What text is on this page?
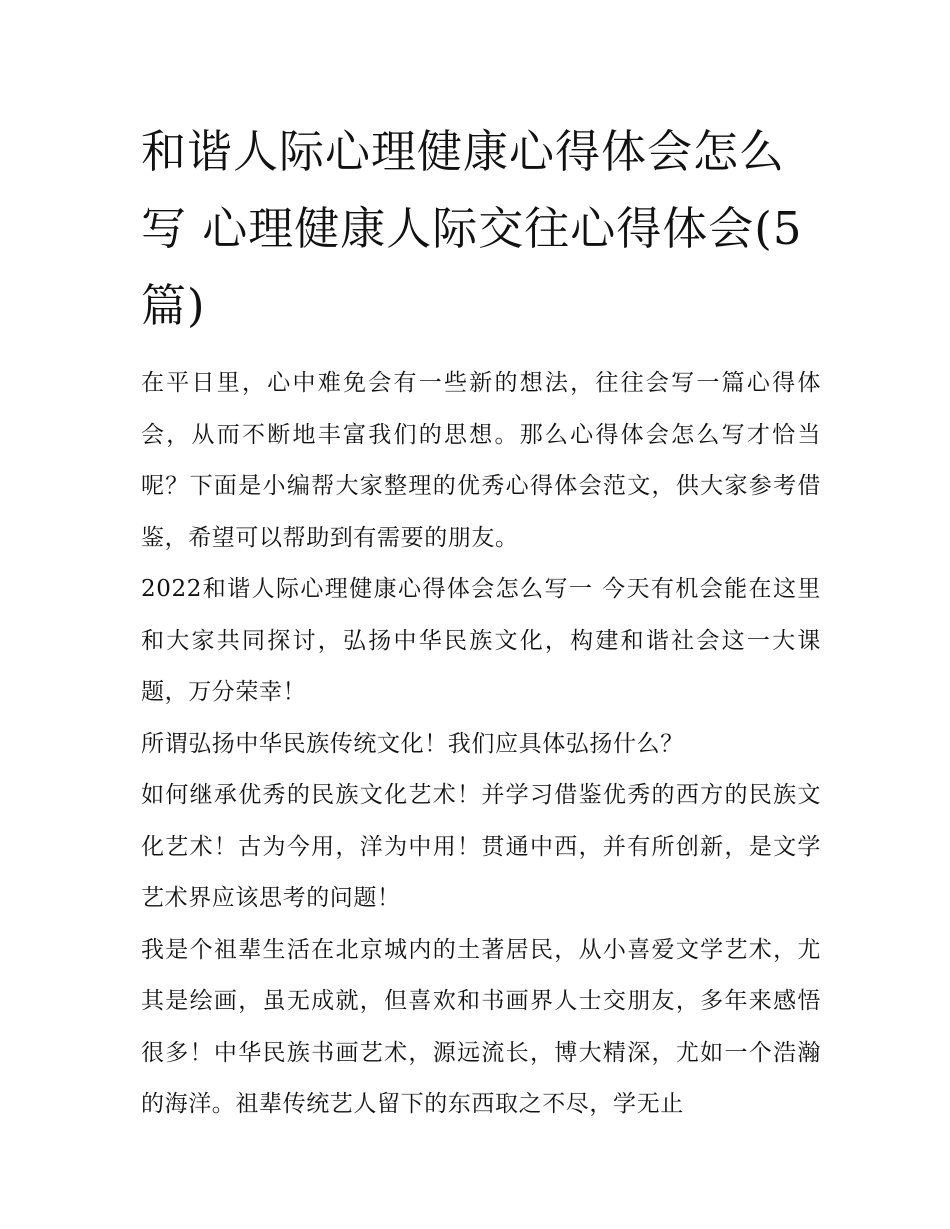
和谐人际心理健康心得体会怎么写 心理健康人际交往心得体会(5篇)

在平日里，心中难免会有一些新的想法，往往会写一篇心得体会，从而不断地丰富我们的思想。那么心得体会怎么写才恰当呢？下面是小编帮大家整理的优秀心得体会范文，供大家参考借鉴，希望可以帮助到有需要的朋友。

2022和谐人际心理健康心得体会怎么写一 今天有机会能在这里和大家共同探讨，弘扬中华民族文化，构建和谐社会这一大课题，万分荣幸！

所谓弘扬中华民族传统文化！我们应具体弘扬什么？

如何继承优秀的民族文化艺术！并学习借鉴优秀的西方的民族文化艺术！古为今用，洋为中用！贯通中西，并有所创新，是文学艺术界应该思考的问题！

我是个祖辈生活在北京城内的土著居民，从小喜爱文学艺术，尤其是绘画，虽无成就，但喜欢和书画界人士交朋友，多年来感悟很多！中华民族书画艺术，源远流长，博大精深，尤如一个浩瀚的海洋。祖辈传统艺人留下的东西取之不尽，学无止
